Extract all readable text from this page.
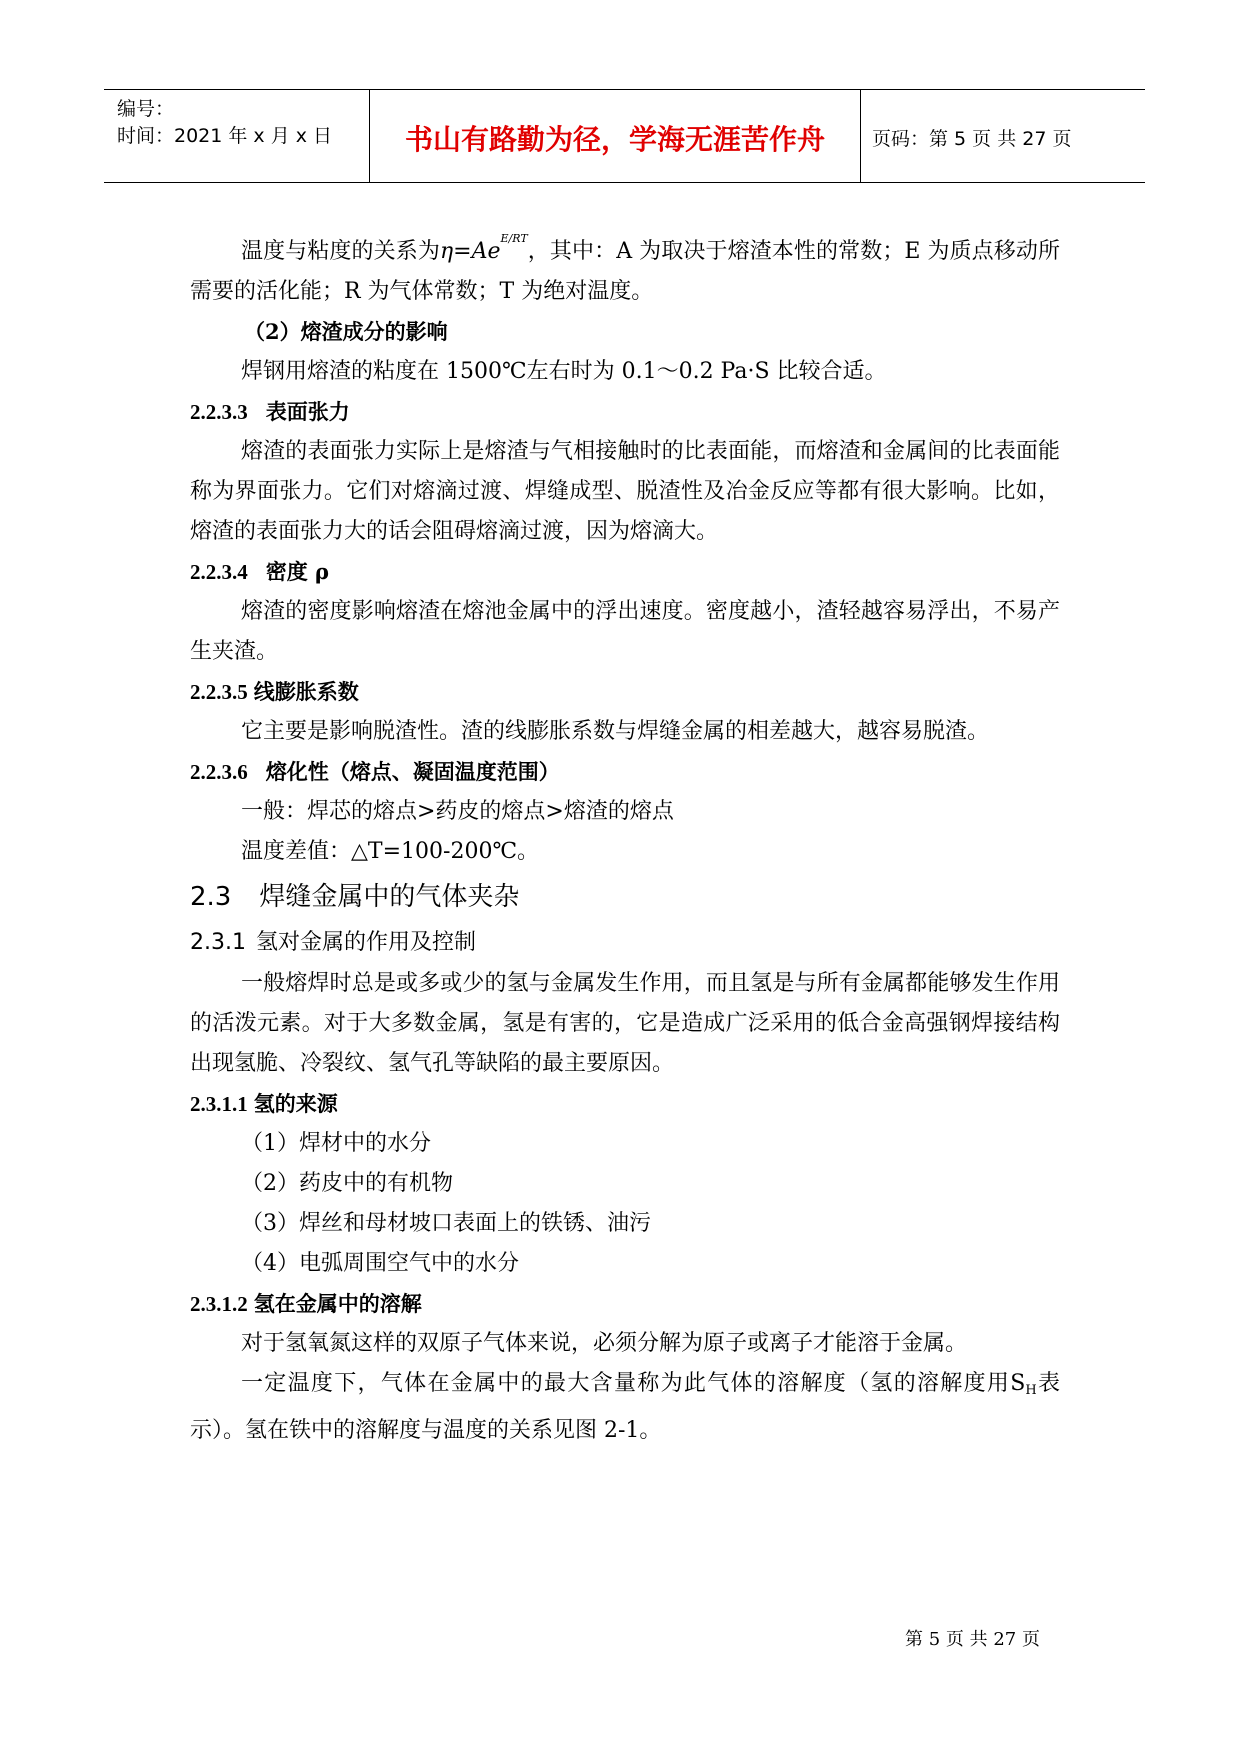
编号：
时间：2021 年 x 月 x 日	书山有路勤为径，学海无涯苦作舟	页码：第 5 页 共 27 页

温度与粘度的关系为$\eta=Ae^{E/RT}$，其中：A 为取决于熔渣本性的常数；E 为质点移动所需要的活化能；R 为气体常数；T 为绝对温度。

（2）熔渣成分的影响

焊钢用熔渣的粘度在 1500℃左右时为 0.1～0.2 Pa·S 比较合适。

2.2.3.3 表面张力

熔渣的表面张力实际上是熔渣与气相接触时的比表面能，而熔渣和金属间的比表面能称为界面张力。它们对熔滴过渡、焊缝成型、脱渣性及冶金反应等都有很大影响。比如，熔渣的表面张力大的话会阻碍熔滴过渡，因为熔滴大。

2.2.3.4 密度 ρ

熔渣的密度影响熔渣在熔池金属中的浮出速度。密度越小，渣轻越容易浮出，不易产生夹渣。

2.2.3.5 线膨胀系数

它主要是影响脱渣性。渣的线膨胀系数与焊缝金属的相差越大，越容易脱渣。

2.2.3.6 熔化性（熔点、凝固温度范围）

一般：焊芯的熔点>药皮的熔点>熔渣的熔点

温度差值：△T=100-200℃。

2.3 焊缝金属中的气体夹杂

2.3.1 氢对金属的作用及控制

一般熔焊时总是或多或少的氢与金属发生作用，而且氢是与所有金属都能够发生作用的活泼元素。对于大多数金属，氢是有害的，它是造成广泛采用的低合金高强钢焊接结构出现氢脆、冷裂纹、氢气孔等缺陷的最主要原因。

2.3.1.1 氢的来源

（1）焊材中的水分

（2）药皮中的有机物

（3）焊丝和母材坡口表面上的铁锈、油污

（4）电弧周围空气中的水分

2.3.1.2 氢在金属中的溶解

对于氢氧氮这样的双原子气体来说，必须分解为原子或离子才能溶于金属。

一定温度下，气体在金属中的最大含量称为此气体的溶解度（氢的溶解度用SH表示）。氢在铁中的溶解度与温度的关系见图 2-1。

第 5 页 共 27 页
